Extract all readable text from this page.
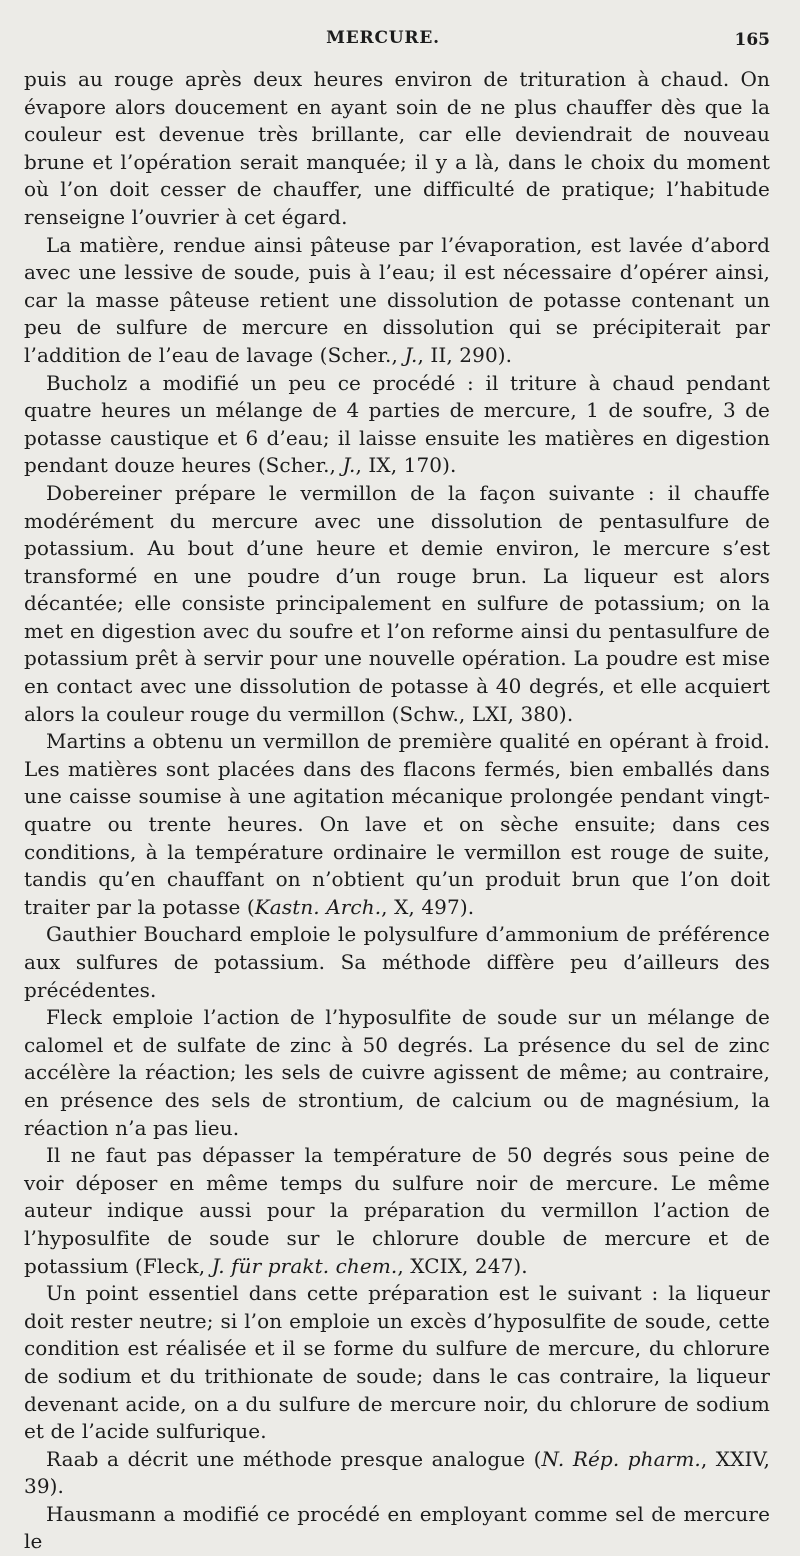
MERCURE.	165

puis au rouge après deux heures environ de trituration à chaud. On évapore alors doucement en ayant soin de ne plus chauffer dès que la couleur est devenue très brillante, car elle deviendrait de nouveau brune et l’opération serait manquée; il y a là, dans le choix du moment où l’on doit cesser de chauffer, une difficulté de pratique; l’habitude renseigne l’ouvrier à cet égard.

La matière, rendue ainsi pâteuse par l’évaporation, est lavée d’abord avec une lessive de soude, puis à l’eau; il est nécessaire d’opérer ainsi, car la masse pâteuse retient une dissolution de potasse contenant un peu de sulfure de mercure en dissolution qui se précipiterait par l’addition de l’eau de lavage (Scher., J., II, 290).

Bucholz a modifié un peu ce procédé : il triture à chaud pendant quatre heures un mélange de 4 parties de mercure, 1 de soufre, 3 de potasse caustique et 6 d’eau; il laisse ensuite les matières en digestion pendant douze heures (Scher., J., IX, 170).

Dobereiner prépare le vermillon de la façon suivante : il chauffe modérément du mercure avec une dissolution de pentasulfure de potassium. Au bout d’une heure et demie environ, le mercure s’est transformé en une poudre d’un rouge brun. La liqueur est alors décantée; elle consiste principalement en sulfure de potassium; on la met en digestion avec du soufre et l’on reforme ainsi du pentasulfure de potassium prêt à servir pour une nouvelle opération. La poudre est mise en contact avec une dissolution de potasse à 40 degrés, et elle acquiert alors la couleur rouge du vermillon (Schw., LXI, 380).

Martins a obtenu un vermillon de première qualité en opérant à froid. Les matières sont placées dans des flacons fermés, bien emballés dans une caisse soumise à une agitation mécanique prolongée pendant vingt-quatre ou trente heures. On lave et on sèche ensuite; dans ces conditions, à la température ordinaire le vermillon est rouge de suite, tandis qu’en chauffant on n’obtient qu’un produit brun que l’on doit traiter par la potasse (Kastn. Arch., X, 497).

Gauthier Bouchard emploie le polysulfure d’ammonium de préférence aux sulfures de potassium. Sa méthode diffère peu d’ailleurs des précédentes.

Fleck emploie l’action de l’hyposulfite de soude sur un mélange de calomel et de sulfate de zinc à 50 degrés. La présence du sel de zinc accélère la réaction; les sels de cuivre agissent de même; au contraire, en présence des sels de strontium, de calcium ou de magnésium, la réaction n’a pas lieu.

Il ne faut pas dépasser la température de 50 degrés sous peine de voir déposer en même temps du sulfure noir de mercure. Le même auteur indique aussi pour la préparation du vermillon l’action de l’hyposulfite de soude sur le chlorure double de mercure et de potassium (Fleck, J. für prakt. chem., XCIX, 247).

Un point essentiel dans cette préparation est le suivant : la liqueur doit rester neutre; si l’on emploie un excès d’hyposulfite de soude, cette condition est réalisée et il se forme du sulfure de mercure, du chlorure de sodium et du trithionate de soude; dans le cas contraire, la liqueur devenant acide, on a du sulfure de mercure noir, du chlorure de sodium et de l’acide sulfurique.

Raab a décrit une méthode presque analogue (N. Rép. pharm., XXIV, 39).

Hausmann a modifié ce procédé en employant comme sel de mercure le
